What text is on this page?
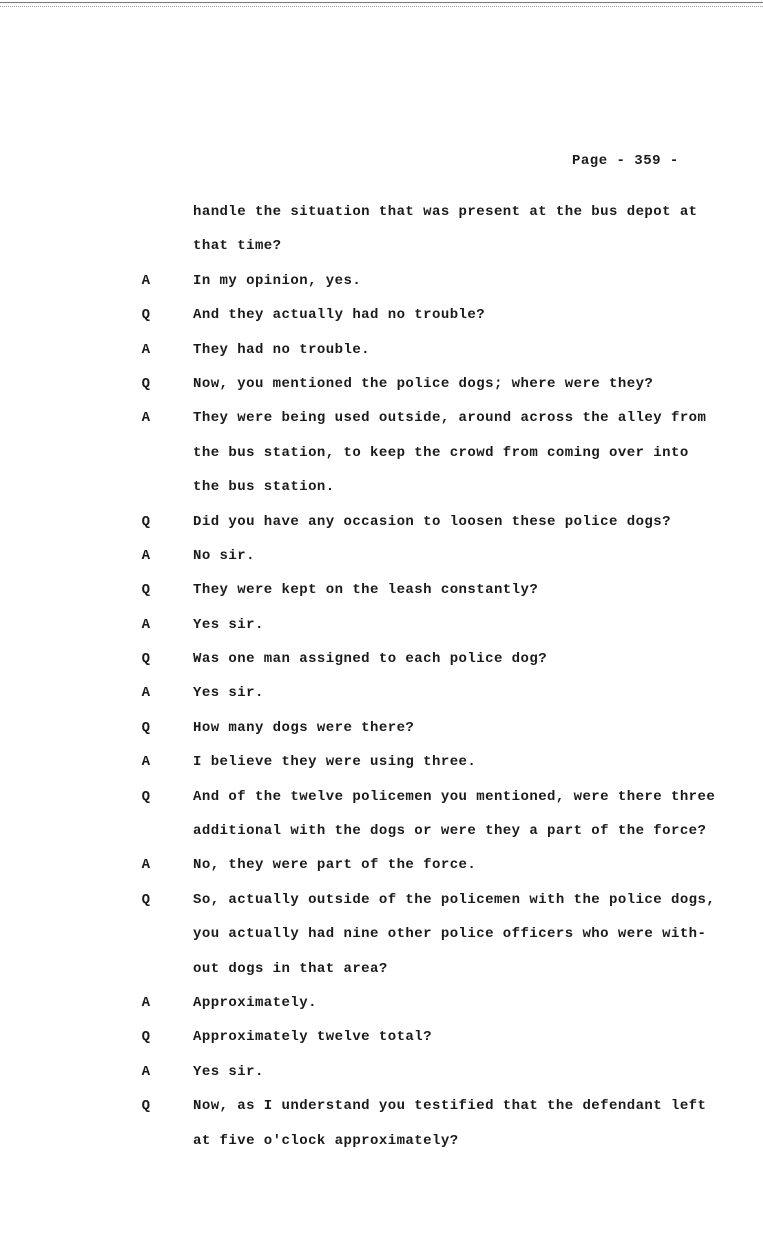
Page - 359 -
handle the situation that was present at the bus depot at
that time?
A	In my opinion, yes.
Q	And they actually had no trouble?
A	They had no trouble.
Q	Now, you mentioned the police dogs; where were they?
A	They were being used outside, around across the alley from
the bus station, to keep the crowd from coming over into
the bus station.
Q	Did you have any occasion to loosen these police dogs?
A	No sir.
Q	They were kept on the leash constantly?
A	Yes sir.
Q	Was one man assigned to each police dog?
A	Yes sir.
Q	How many dogs were there?
A	I believe they were using three.
Q	And of the twelve policemen you mentioned, were there three
additional with the dogs or were they a part of the force?
A	No, they were part of the force.
Q	So, actually outside of the policemen with the police dogs,
you actually had nine other police officers who were with-
out dogs in that area?
A	Approximately.
Q	Approximately twelve total?
A	Yes sir.
Q	Now, as I understand you testified that the defendant left
at five o'clock approximately?
